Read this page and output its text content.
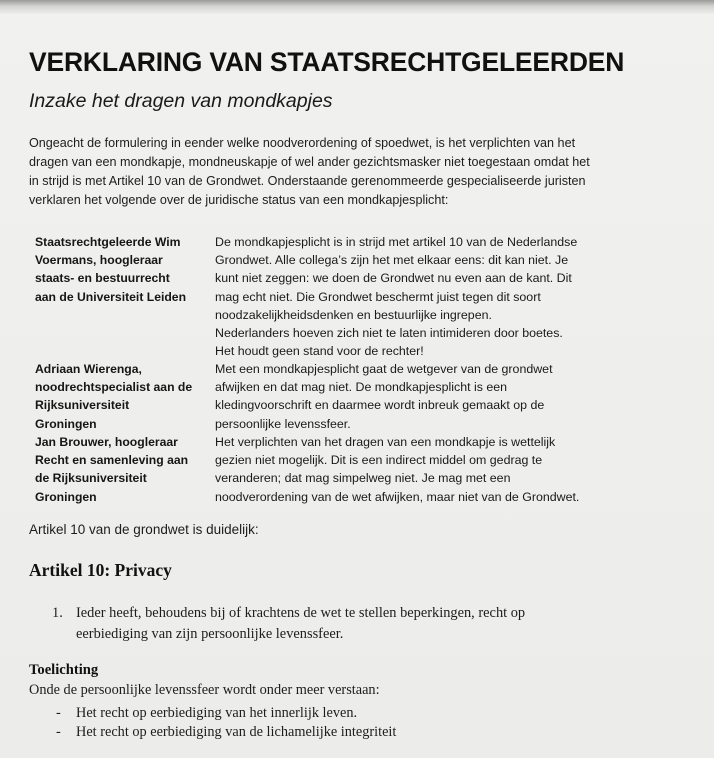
VERKLARING VAN STAATSRECHTGELEERDEN
Inzake het dragen van mondkapjes
Ongeacht de formulering in eender welke noodverordening of spoedwet, is het verplichten van het
dragen van een mondkapje, mondneuskapje of wel ander gezichtsmasker niet toegestaan omdat het
in strijd is met Artikel 10 van de Grondwet. Onderstaande gerenommeerde gespecialiseerde juristen
verklaren het volgende over de juridische status van een mondkapjesplicht:
Staatsrechtgeleerde Wim
Voermans, hoogleraar
staats- en bestuurrecht
aan de Universiteit Leiden
De mondkapjesplicht is in strijd met artikel 10 van de Nederlandse
Grondwet. Alle collega’s zijn het met elkaar eens: dit kan niet. Je
kunt niet zeggen: we doen de Grondwet nu even aan de kant. Dit
mag echt niet. Die Grondwet beschermt juist tegen dit soort
noodzakelijkheidsdenken en bestuurlijke ingrepen.
Nederlanders hoeven zich niet te laten intimideren door boetes.
Het houdt geen stand voor de rechter!
Adriaan Wierenga,
noodrechtspecialist aan de
Rijksuniversiteit
Groningen
Met een mondkapjesplicht gaat de wetgever van de grondwet
afwijken en dat mag niet. De mondkapjesplicht is een
kledingvoorschrift en daarmee wordt inbreuk gemaakt op de
persoonlijke levenssfeer.
Jan Brouwer, hoogleraar
Recht en samenleving aan
de Rijksuniversiteit
Groningen
Het verplichten van het dragen van een mondkapje is wettelijk
gezien niet mogelijk. Dit is een indirect middel om gedrag te
veranderen; dat mag simpelweg niet. Je mag met een
noodverordening van de wet afwijken, maar niet van de Grondwet.
Artikel 10 van de grondwet is duidelijk:
Artikel 10: Privacy
1. Ieder heeft, behoudens bij of krachtens de wet te stellen beperkingen, recht op
eerbiediging van zijn persoonlijke levenssfeer.
Toelichting
Onde de persoonlijke levenssfeer wordt onder meer verstaan:
- Het recht op eerbiediging van het innerlijk leven.
- Het recht op eerbiediging van de lichamelijke integriteit
